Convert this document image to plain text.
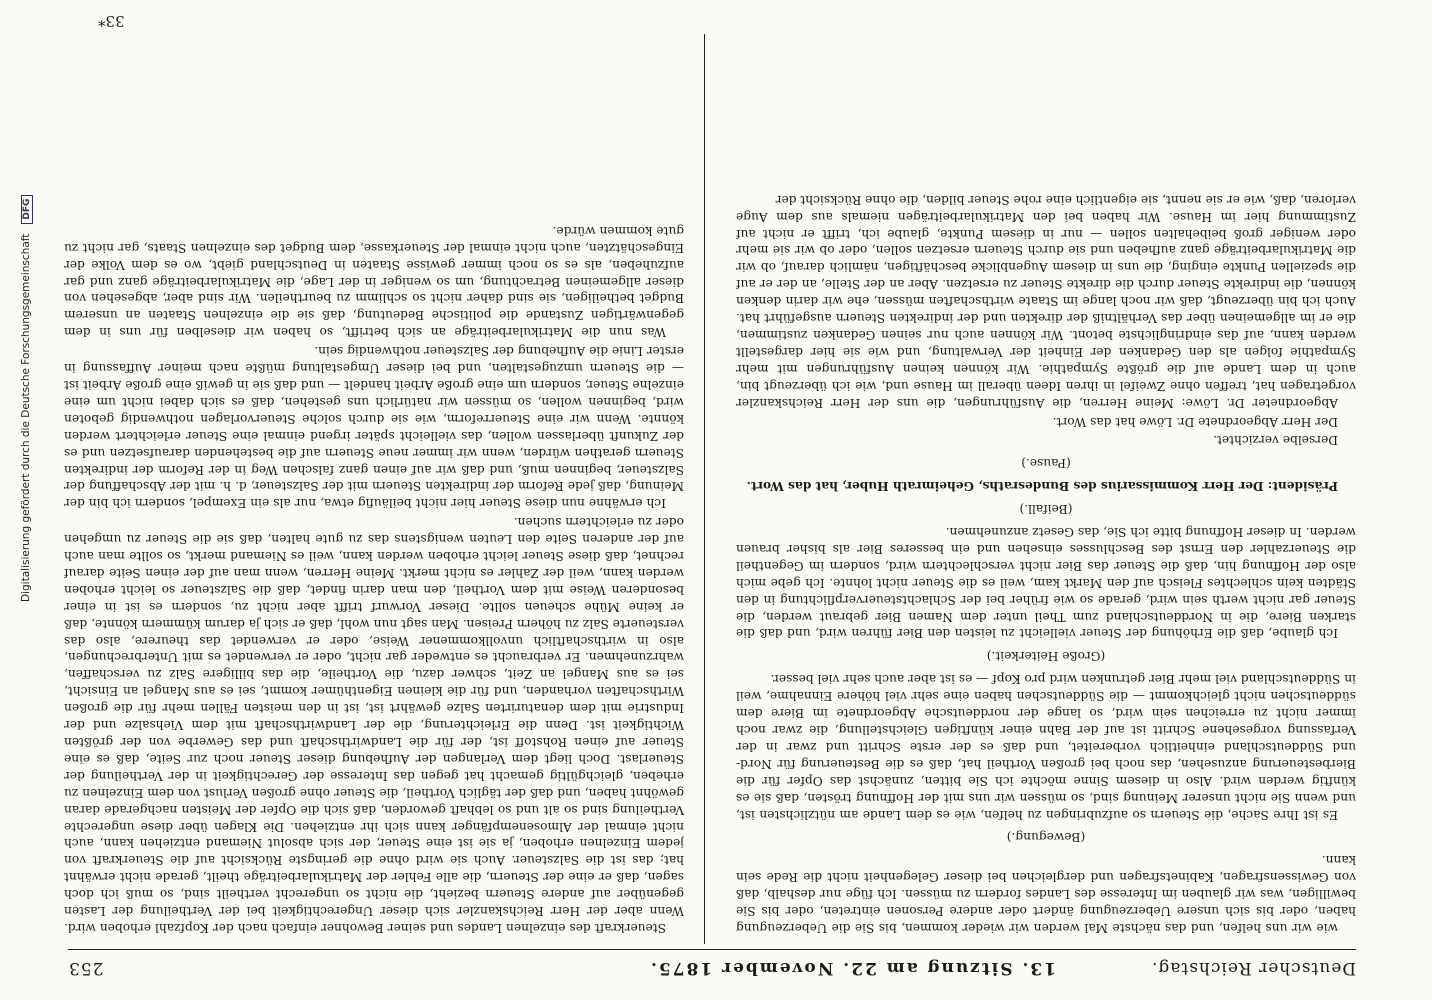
Digitalisierung gefördert durch die Deutsche ForschungsgemeinschaftDFG
Deutscher Reichstag.
13. Sitzung am 22. November 1875.
253

wie wir uns helfen, und das nächste Mal werden wir wieder kommen, bis Sie die Ueberzeugung haben, oder bis sich unsere Ueberzeugung ändert oder andere Personen eintreten, oder bis Sie bewilligen, was wir glauben im Interesse des Landes fordern zu müssen. Ich füge nur deshalb, daß von Gewissensfragen, Kabinetsfragen und dergleichen bei dieser Gelegenheit nicht die Rede sein kann.

(Bewegung.)

Es ist Ihre Sache, die Steuern so aufzubringen zu helfen, wie es dem Lande am nützlichsten ist, und wenn Sie nicht unserer Meinung sind, so müssen wir uns mit der Hoffnung trösten, daß sie es künftig werden wird. Also in diesem Sinne möchte ich Sie bitten, zunächst das Opfer für die Bierbesteuerung anzusehen, das noch bei großen Vortheil hat, daß es die Besteuerung für Nord- und Süddeutschland einheitlich vorbereitet, und daß es der erste Schritt und zwar in der Verfassung vorgesehene Schritt ist auf der Bahn einer künftigen Gleichstellung, die zwar noch immer nicht zu erreichen sein wird, so lange der norddeutsche Abgeordnete im Biere dem süddeutschen nicht gleichkommt — die Süddeutschen haben eine sehr viel höhere Einnahme, weil in Süddeutschland viel mehr Bier getrunken wird pro Kopf — es ist aber auch sehr viel besser.

(Große Heiterkeit.)

Ich glaube, daß die Erhöhung der Steuer vielleicht zu leisten den Bier führen wird, und daß die starken Biere, die in Norddeutschland zum Theil unter dem Namen Bier gebraut werden, die Steuer gar nicht werth sein wird, gerade so wie früher bei der Schlachtsteuerverpflichtung in den Städten kein schlechtes Fleisch auf den Markt kam, weil es die Steuer nicht lohnte. Ich gebe mich also der Hoffnung hin, daß die Steuer das Bier nicht verschlechtern wird, sondern im Gegentheil die Steuerzahler den Ernst des Beschlusses einsehen und ein besseres Bier als bisher brauen werden. In dieser Hoffnung bitte ich Sie, das Gesetz anzunehmen.

(Beifall.)

Präsident: Der Herr Kommissarius des Bundesraths, Geheimrath Huber, hat das Wort.

(Pause.)

Derselbe verzichtet.

Der Herr Abgeordnete Dr. Löwe hat das Wort.

Abgeordneter Dr. Löwe: Meine Herren, die Ausführungen, die uns der Herr Reichskanzler vorgetragen hat, treffen ohne Zweifel in ihren Ideen überall im Hause und, wie ich überzeugt bin, auch in dem Lande auf die größte Sympathie. Wir können keinen Ausführungen mit mehr Sympathie folgen als den Gedanken der Einheit der Verwaltung, und wie sie hier dargestellt werden kann, auf das eindringlichste betont. Wir können auch nur seinen Gedanken zustimmen, die er im allgemeinen über das Verhältniß der direkten und der indirekten Steuern ausgeführt hat. Auch ich bin überzeugt, daß wir noch lange im Staate wirthschaften müssen, ehe wir darin denken können, die indirekte Steuer durch die direkte Steuer zu ersetzen. Aber an der Stelle, an der er auf die speziellen Punkte einging, die uns in diesem Augenblicke beschäftigen, nämlich darauf, ob wir die Matrikularbeiträge ganz aufheben und sie durch Steuern ersetzen sollen, oder ob wir sie mehr oder weniger groß beibehalten sollen — nur in diesem Punkte, glaube ich, trifft er nicht auf Zustimmung hier im Hause. Wir haben bei den Matrikularbeiträgen niemals aus dem Auge verloren, daß, wie er sie nennt, sie eigentlich eine rohe Steuer bilden, die ohne Rücksicht der

Steuerkraft des einzelnen Landes und seiner Bewohner einfach nach der Kopfzahl erhoben wird. Wenn aber der Herr Reichskanzler sich dieser Ungerechtigkeit bei der Vertheilung der Lasten gegenüber auf andere Steuern bezieht, die nicht so ungerecht vertheilt sind, so muß ich doch sagen, daß er eine der Steuern, die alle Fehler der Matrikularbeiträge theilt, gerade nicht erwähnt hat; das ist die Salzsteuer. Auch sie wird ohne die geringste Rücksicht auf die Steuerkraft von jedem Einzelnen erhoben, ja sie ist eine Steuer, der sich absolut Niemand entziehen kann, auch nicht einmal der Almosenempfänger kann sich ihr entziehen. Die Klagen über diese ungerechte Vertheilung sind so alt und so lebhaft geworden, daß sich die Opfer der Meisten nachgerade daran gewöhnt haben, und daß der täglich Vortheil, die Steuer ohne großen Verlust von dem Einzelnen zu erheben, gleichgültig gemacht hat gegen das Interesse der Gerechtigkeit in der Vertheilung der Steuerlast. Doch liegt dem Verlangen der Aufhebung dieser Steuer noch zur Seite, daß es eine Steuer auf einen Rohstoff ist, der für die Landwirthschaft und das Gewerbe von der größten Wichtigkeit ist. Denn die Erleichterung, die der Landwirthschaft mit dem Viehsalze und der Industrie mit dem denaturirten Salze gewährt ist, ist in den meisten Fällen mehr für die großen Wirthschaften vorhanden, und für die kleinen Eigenthümer kommt, sei es aus Mangel an Einsicht, sei es aus Mangel an Zeit, schwer dazu, die Vortheile, die das billigere Salz zu verschaffen, wahrzunehmen. Er verbraucht es entweder gar nicht, oder er verwendet es mit Unterbrechungen, also in wirthschaftlich unvollkommener Weise, oder er verwendet das theurere, also das versteuerte Salz zu höhern Preisen. Man sagt nun wohl, daß er sich ja darum kümmern könnte, daß er keine Mühe scheuen sollte. Dieser Vorwurf trifft aber nicht zu, sondern es ist in einer besonderen Weise mit dem Vortheil, den man darin findet, daß die Salzsteuer so leicht erhoben werden kann, weil der Zahler es nicht merkt. Meine Herren, wenn man auf der einen Seite darauf rechnet, daß diese Steuer leicht erhoben werden kann, weil es Niemand merkt, so sollte man auch auf der anderen Seite den Leuten wenigstens das zu gute halten, daß sie die Steuer zu umgehen oder zu erleichtern suchen.

Ich erwähne nun diese Steuer hier nicht beiläufig etwa, nur als ein Exempel, sondern ich bin der Meinung, daß jede Reform der indirekten Steuern mit der Salzsteuer, d. h. mit der Abschaffung der Salzsteuer, beginnen muß, und daß wir auf einen ganz falschen Weg in der Reform der indirekten Steuern gerathen würden, wenn wir immer neue Steuern auf die bestehenden daraufsetzen und es der Zukunft überlassen wollen, das vielleicht später irgend einmal eine Steuer erleichtert werden könnte. Wenn wir eine Steuerreform, wie sie durch solche Steuervorlagen nothwendig geboten wird, beginnen wollen, so müssen wir natürlich uns gestehen, daß es sich dabei nicht um eine einzelne Steuer, sondern um eine große Arbeit handelt — und daß sie in gewiß eine große Arbeit ist — die Steuern umzugestalten, und bei dieser Umgestaltung müßte nach meiner Auffassung in erster Linie die Aufhebung der Salzsteuer nothwendig sein.

Was nun die Matrikularbeiträge an sich betrifft, so haben wir dieselben für uns in dem gegenwärtigen Zustande die politische Bedeutung, daß sie die einzelnen Staaten an unserem Budget betheiligen, sie sind daher nicht so schlimm zu beurtheilen. Wir sind aber, abgesehen von dieser allgemeinen Betrachtung, um so weniger in der Lage, die Matrikularbeiträge ganz und gar aufzuheben, als es so noch immer gewisse Staaten in Deutschland giebt, wo es dem Volke der Eingeschätzten, auch nicht einmal der Steuerkasse, dem Budget des einzelnen Staats, gar nicht zu gute kommen würde.

33*
